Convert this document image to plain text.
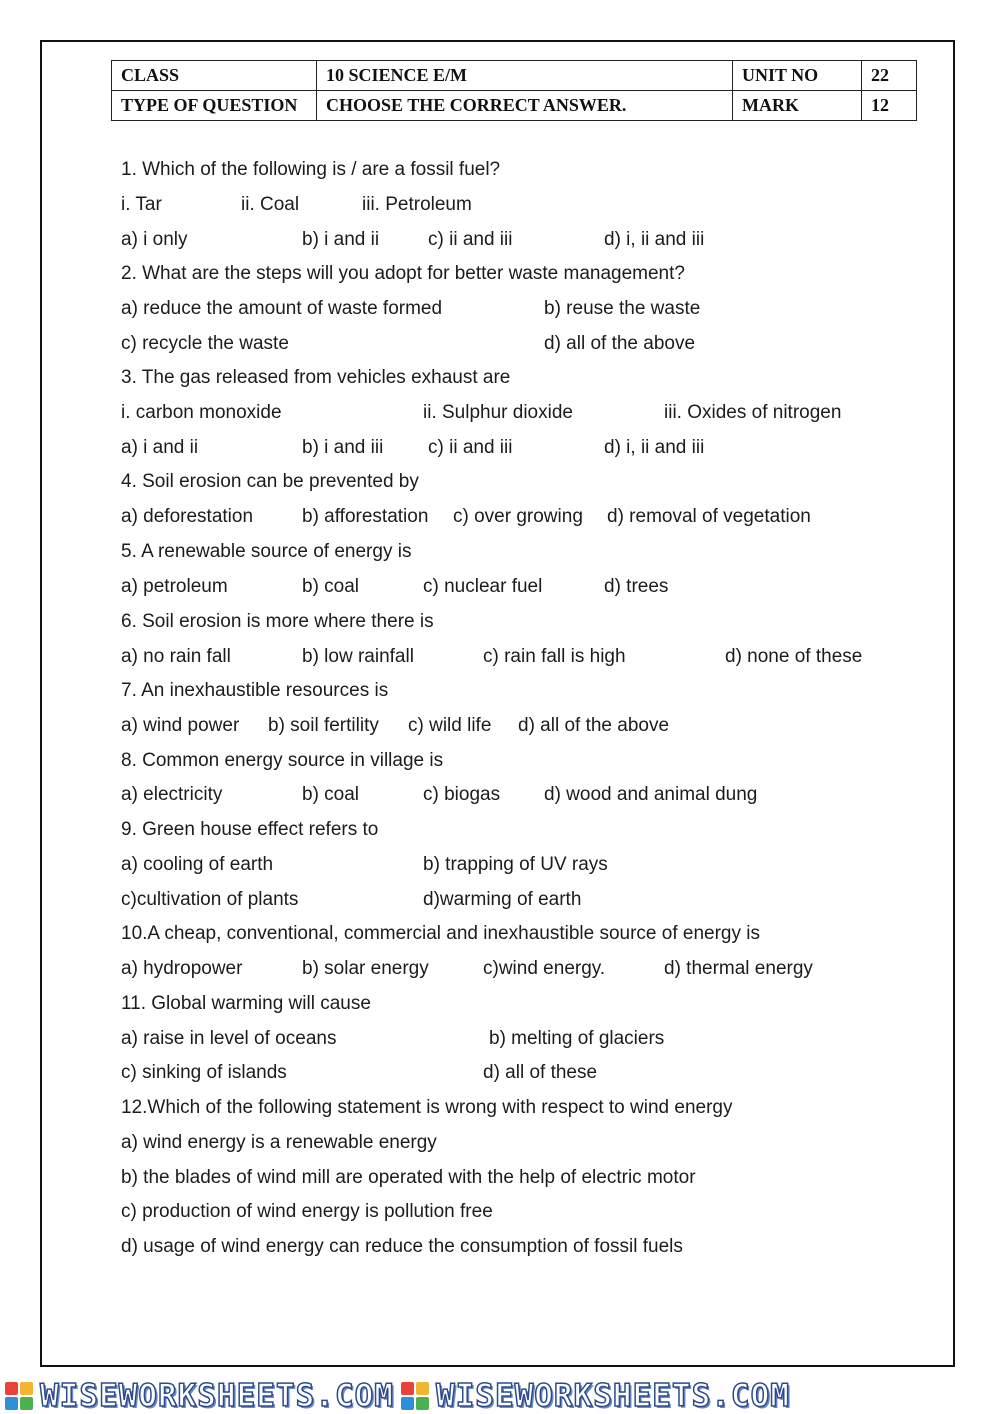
CLASS	10 SCIENCE E/M	UNIT NO	22
TYPE OF QUESTION	CHOOSE THE CORRECT ANSWER.	MARK	12
1. Which of the following is / are a fossil fuel?
i. Tar	ii. Coal	iii. Petroleum
a) i only	b) i and ii	c) ii and iii	d) i, ii and iii
2. What are the steps will you adopt for better waste management?
a) reduce the amount of waste formed	b) reuse the waste
c) recycle the waste	d) all of the above
3. The gas released from vehicles exhaust are
i. carbon monoxide	ii. Sulphur dioxide	iii. Oxides of nitrogen
a) i and ii	b) i and iii c) ii and iii	d) i, ii and iii
4. Soil erosion can be prevented by
a) deforestation	b) afforestation c) over growing d) removal of vegetation
5. A renewable source of energy is
a) petroleum	b) coal	c) nuclear fuel	d) trees
6. Soil erosion is more where there is
a) no rain fall	b) low rainfall	c) rain fall is high	d) none of these
7. An inexhaustible resources is
a) wind power b) soil fertility c) wild life d) all of the above
8. Common energy source in village is
a) electricity	b) coal	c) biogas d) wood and animal dung
9. Green house effect refers to
a) cooling of earth	b) trapping of UV rays
c)cultivation of plants	d)warming of earth
10.A cheap, conventional, commercial and inexhaustible source of energy is
a) hydropower	b) solar energy	c)wind energy.	d) thermal energy
11. Global warming will cause
a) raise in level of oceans	b) melting of glaciers
c) sinking of islands	d) all of these
12.Which of the following statement is wrong with respect to wind energy
a) wind energy is a renewable energy
b) the blades of wind mill are operated with the help of electric motor
c) production of wind energy is pollution free
d) usage of wind energy can reduce the consumption of fossil fuels
WISEWORKSHEETS.COM WISEWORKSHEETS.COM
